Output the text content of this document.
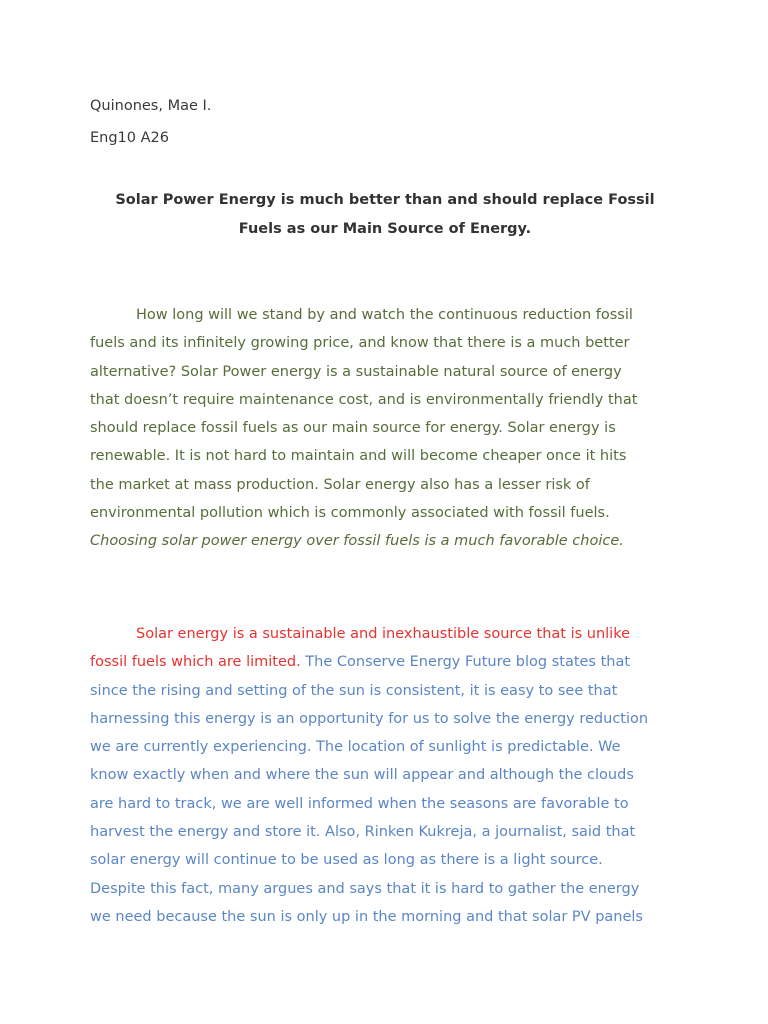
Quinones, Mae I.
Eng10 A26
Solar Power Energy is much better than and should replace Fossil
Fuels as our Main Source of Energy.
How long will we stand by and watch the continuous reduction fossil
fuels and its infinitely growing price, and know that there is a much better
alternative? Solar Power energy is a sustainable natural source of energy
that doesn’t require maintenance cost, and is environmentally friendly that
should replace fossil fuels as our main source for energy. Solar energy is
renewable. It is not hard to maintain and will become cheaper once it hits
the market at mass production. Solar energy also has a lesser risk of
environmental pollution which is commonly associated with fossil fuels.
Choosing solar power energy over fossil fuels is a much favorable choice.
Solar energy is a sustainable and inexhaustible source that is unlike
fossil fuels which are limited. The Conserve Energy Future blog states that
since the rising and setting of the sun is consistent, it is easy to see that
harnessing this energy is an opportunity for us to solve the energy reduction
we are currently experiencing. The location of sunlight is predictable. We
know exactly when and where the sun will appear and although the clouds
are hard to track, we are well informed when the seasons are favorable to
harvest the energy and store it. Also, Rinken Kukreja, a journalist, said that
solar energy will continue to be used as long as there is a light source.
Despite this fact, many argues and says that it is hard to gather the energy
we need because the sun is only up in the morning and that solar PV panels
